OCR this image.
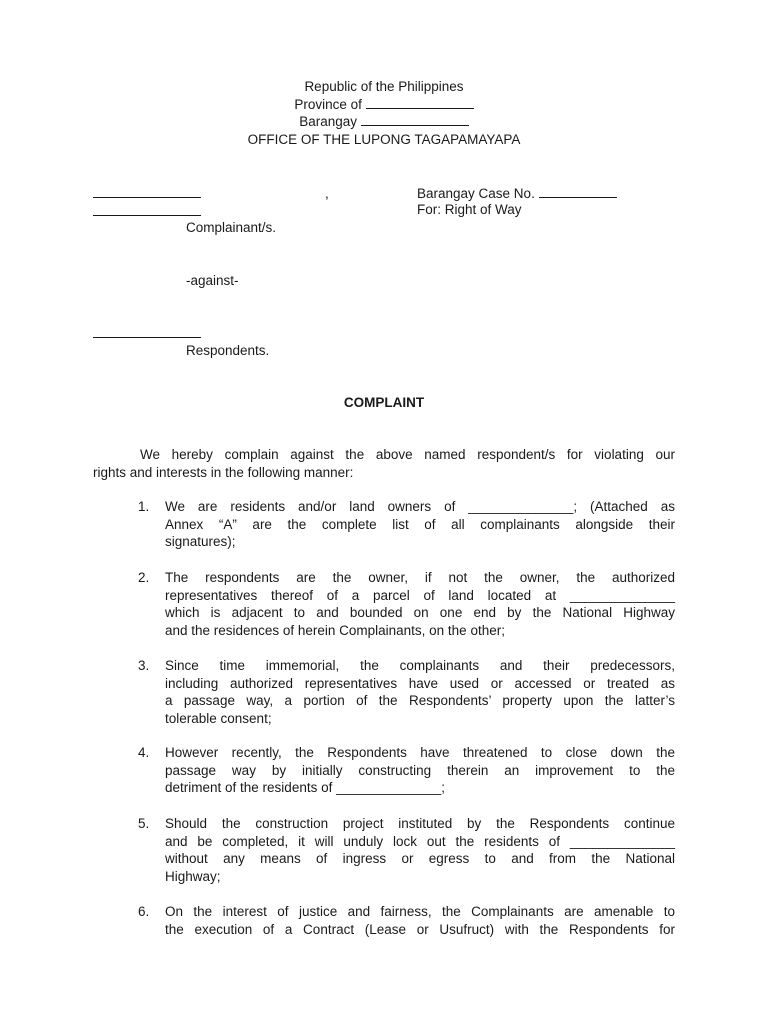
Republic of the Philippines
Province of
Barangay
OFFICE OF THE LUPONG TAGAPAMAYAPA
,
Complainant/s.
-against-
Respondents.
Barangay Case No.
For: Right of Way
COMPLAINT
We hereby complain against the above named respondent/s for violating our
rights and interests in the following manner:
1. We are residents and/or land owners of ______________; (Attached as
Annex “A” are the complete list of all complainants alongside their
signatures);
2. The respondents are the owner, if not the owner, the authorized
representatives thereof of a parcel of land located at ______________
which is adjacent to and bounded on one end by the National Highway
and the residences of herein Complainants, on the other;
3. Since time immemorial, the complainants and their predecessors,
including authorized representatives have used or accessed or treated as
a passage way, a portion of the Respondents’ property upon the latter’s
tolerable consent;
4. However recently, the Respondents have threatened to close down the
passage way by initially constructing therein an improvement to the
detriment of the residents of ______________;
5. Should the construction project instituted by the Respondents continue
and be completed, it will unduly lock out the residents of ______________
without any means of ingress or egress to and from the National
Highway;
6. On the interest of justice and fairness, the Complainants are amenable to
the execution of a Contract (Lease or Usufruct) with the Respondents for
